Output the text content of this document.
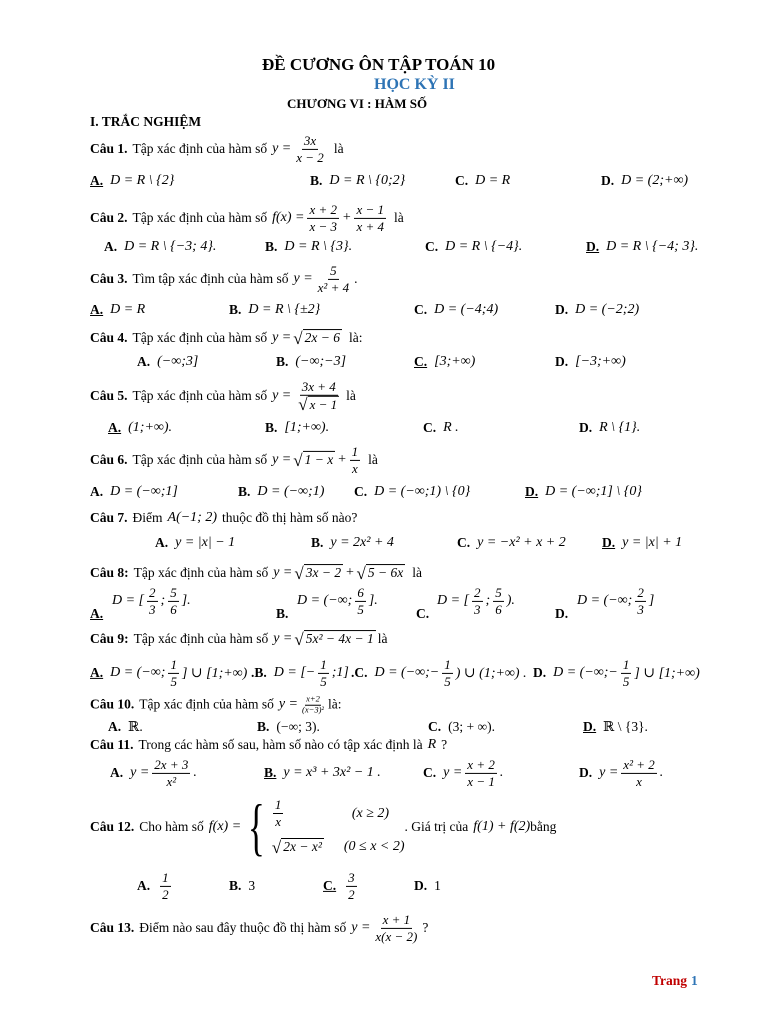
ĐỀ CƯƠNG ÔN TẬP TOÁN 10
HỌC KỲ II
CHƯƠNG VI : HÀM SỐ
I. TRẮC NGHIỆM
Câu 1. Tập xác định của hàm số $y = \frac{3x}{x - 2}$ là
A. D = R \ {2}	B. D = R \ {0;2}	C. D = R	D. D = (2;+∞)
Câu 2. Tập xác định của hàm số $f(x) = \frac{x + 2}{x - 3} + \frac{x - 1}{x + 4}$ là
A. D = R \ {−3; 4}.	B. D = R \ {3}.	C. D = R \ {−4}.	D. D = R \ {−4; 3}.
Câu 3. Tìm tập xác định của hàm số $y = \frac{5}{\text{x² + 4}}$ .
A. D = R	B. D = R \ {±2}	C. D = (−4;4)	D. D = (−2;2)
Câu 4. Tập xác định của hàm số y = √ 2x − 6 là:
A. (−∞;3]	B. (−∞;−3]	C. [3;+∞)	D. [−3;+∞)
Câu 5. Tập xác định của hàm số y = 3x + 4
√ x − 1 là
A. (1;+∞).	B. [1;+∞).	C. R .	D. R \ {1}.
Câu 6. Tập xác định của hàm số y = √ $1 - x + \frac{1}{x}$ là
A. D = (−∞;1]	B. D = (−∞;1) C. D = (−∞;1) \ {0}	D. D = (−∞;1] \ {0}
Câu 7. Điểm A(−1; 2) thuộc đồ thị hàm số nào?
A. y = |x| − 1	B. y = 2x² + 4	C. y = −x² + x + 2	D. y = |x| + 1
Câu 8: Tập xác định của hàm số y = √ 3x − 2 + √ 5 − 6x là
A.
D = [ $\frac{2}{3}$ ; $\frac{5}{6}$ ].
B.
D = (−∞; $\frac{6}{5}$ ].
C.
D = [ $\frac{2}{3}$ ; $\frac{5}{6}$ ).
D.
D = (−∞; $\frac{2}{3}$ ]
Câu 9: Tập xác định của hàm số y = √ 5x² − 4x − 1 là
A. D = (−∞; $\frac{1}{5}$ ] ∪ [1;+∞) .B. D = [− $\frac{1}{5}$ ;1] .C. D = (−∞;− $\frac{1}{5}$ ) ∪ (1;+∞) . D. D = (−∞;− $\frac{1}{5}$ ] ∪ [1;+∞)
Câu 10. Tập xác định của hàm số $y = \frac{x+2}{\text{(x−3)²}}$ là:
A. ℝ.	B. (−∞; 3).	C. (3; + ∞).	D. ℝ \ {3}.
Câu 11. Trong các hàm số sau, hàm số nào có tập xác định là R ?
A. $y = \frac{2x + 3}{\text{x²}}$ .	B. y = x³ + 3x² − 1 .	C. $y = \frac{x + 2}{x - 1}$ .	D. $y = \frac{\text{x² + 2}}{x}$ .
Câu 12. Cho hàm số f(x) = { $\frac{1}{x}$	(x ≥ 2)
√ 2x − x² (0 ≤ x < 2)
. Giá trị của f(1) + f(2) bằng
A. $\frac{1}{2}$	B. 3	C. $\frac{3}{2}$	D. 1
Câu 13. Điểm nào sau đây thuộc đồ thị hàm số $y = \frac{x + 1}{x(x - 2)}$ ?
Trang 1
